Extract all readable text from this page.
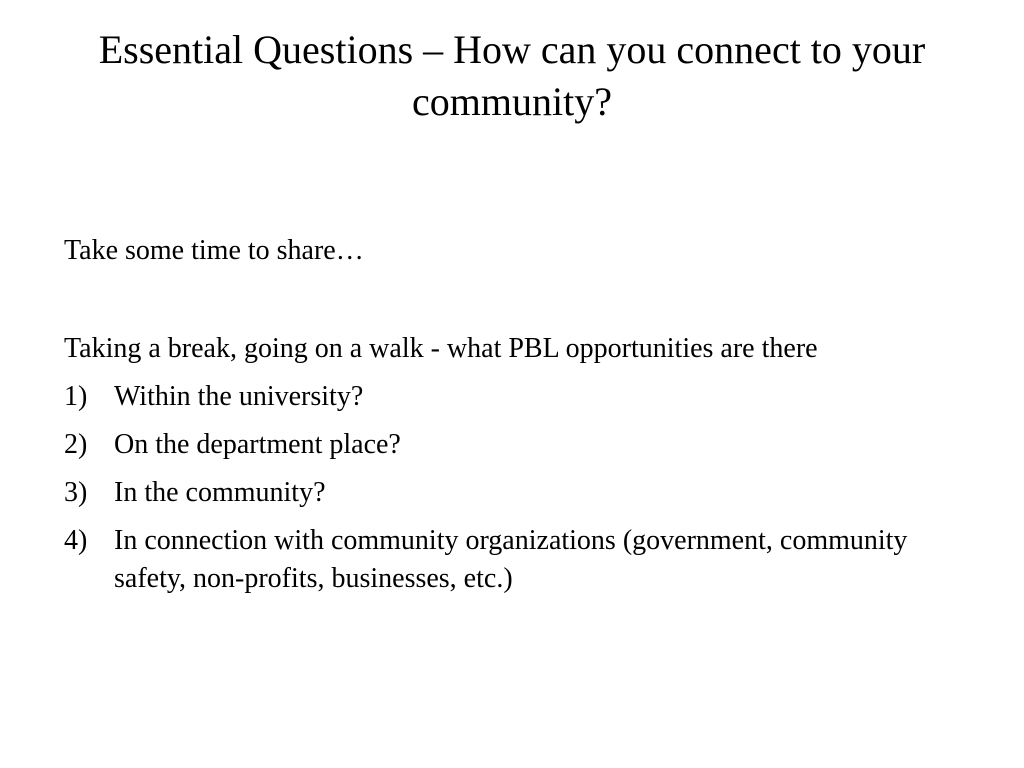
Essential Questions – How can you connect to your community?

Take some time to share…

Taking a break, going on a walk - what PBL opportunities are there

1) Within the university?
2) On the department place?
3) In the community?
4) In connection with community organizations (government, community safety, non-profits, businesses, etc.)
